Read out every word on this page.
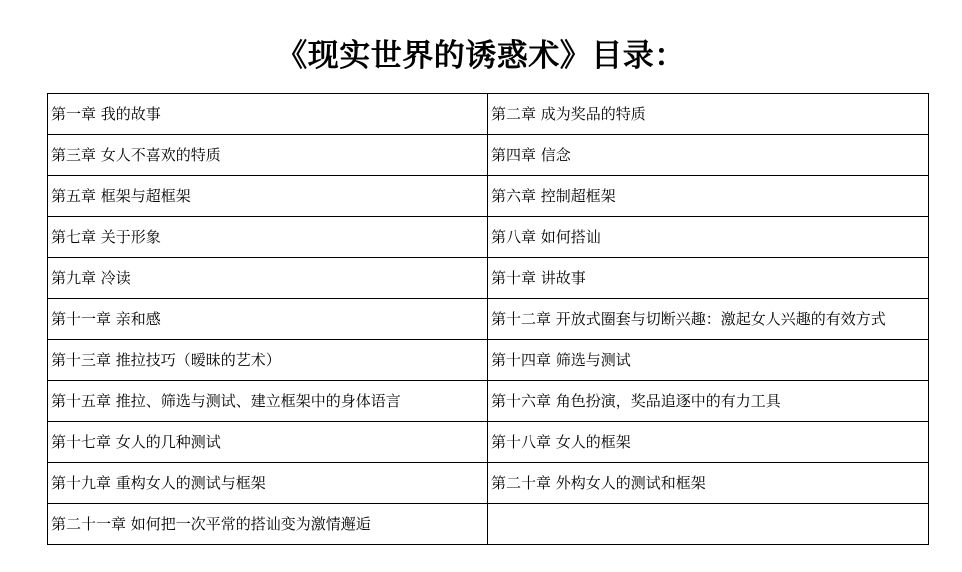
《现实世界的诱惑术》目录：
第一章 我的故事	第二章 成为奖品的特质
第三章 女人不喜欢的特质	第四章 信念
第五章 框架与超框架	第六章 控制超框架
第七章 关于形象	第八章 如何搭讪
第九章 冷读	第十章 讲故事
第十一章 亲和感	第十二章 开放式圈套与切断兴趣：激起女人兴趣的有效方式
第十三章 推拉技巧（暧昧的艺术）	第十四章 筛选与测试
第十五章 推拉、筛选与测试、建立框架中的身体语言	第十六章 角色扮演，奖品追逐中的有力工具
第十七章 女人的几种测试	第十八章 女人的框架
第十九章 重构女人的测试与框架	第二十章 外构女人的测试和框架
第二十一章 如何把一次平常的搭讪变为激情邂逅	
